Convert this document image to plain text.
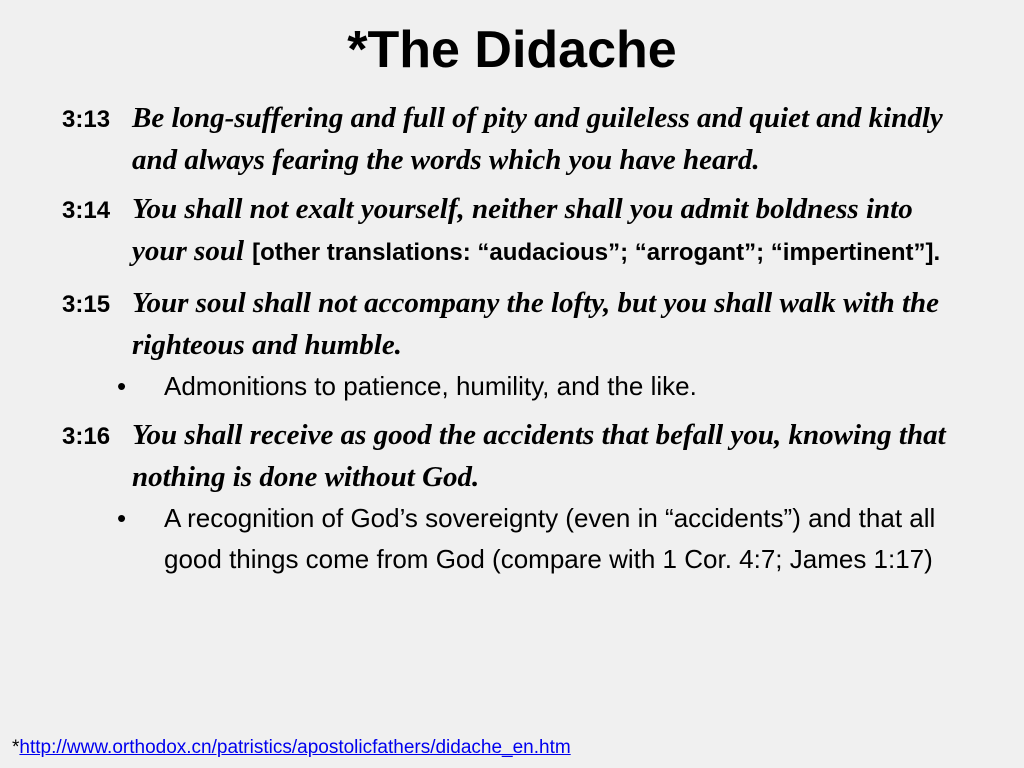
*The Didache

3:13 Be long-suffering and full of pity and guileless and quiet and kindly and always fearing the words which you have heard.

3:14 You shall not exalt yourself, neither shall you admit boldness into your soul [other translations: “audacious”; “arrogant”; “impertinent”].

3:15 Your soul shall not accompany the lofty, but you shall walk with the righteous and humble.

• Admonitions to patience, humility, and the like.

3:16 You shall receive as good the accidents that befall you, knowing that nothing is done without God.

• A recognition of God’s sovereignty (even in “accidents”) and that all good things come from God (compare with 1 Cor. 4:7; James 1:17)

*http://www.orthodox.cn/patristics/apostolicfathers/didache_en.htm
